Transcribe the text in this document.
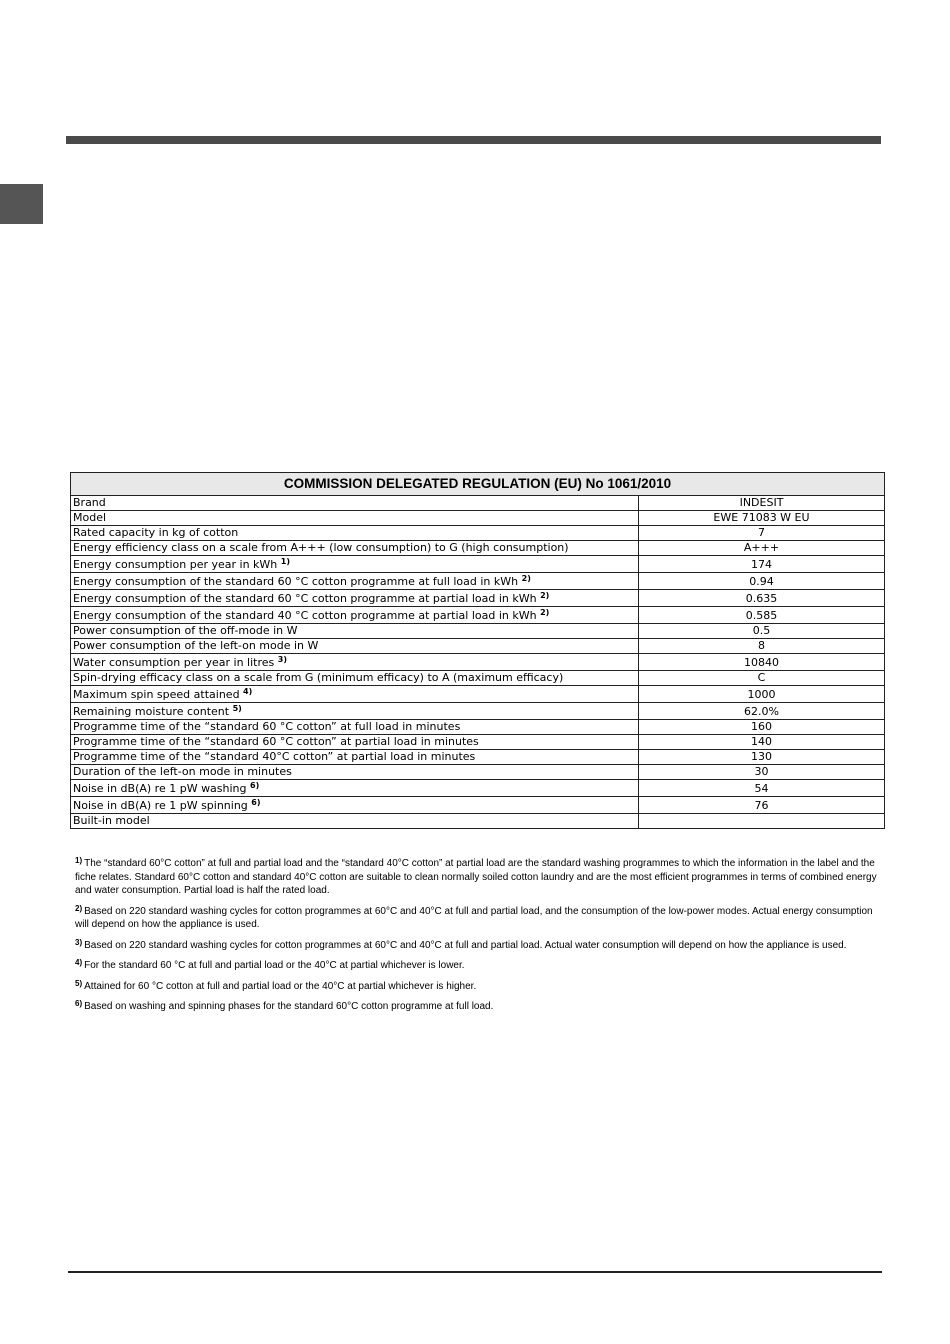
COMMISSION DELEGATED REGULATION (EU) No 1061/2010	
Brand	INDESIT
Model	EWE 71083 W EU
Rated capacity in kg of cotton	7
Energy efficiency class on a scale from A+++ (low consumption) to G (high consumption)	A+++
Energy consumption per year in kWh $^{1)}$	174
Energy consumption of the standard 60 °C cotton programme at full load in kWh $^{2)}$	0.94
Energy consumption of the standard 60 °C cotton programme at partial load in kWh $^{2)}$	0.635
Energy consumption of the standard 40 °C cotton programme at partial load in kWh $^{2)}$	0.585
Power consumption of the off-mode in W	0.5
Power consumption of the left-on mode in W	8
Water consumption per year in litres $^{3)}$	10840
Spin-drying efficacy class on a scale from G (minimum efficacy) to A (maximum efficacy)	C
Maximum spin speed attained $^{4)}$	1000
Remaining moisture content $^{5)}$	62.0%
Programme time of the “standard 60 °C cotton” at full load in minutes	160
Programme time of the “standard 60 °C cotton” at partial load in minutes	140
Programme time of the “standard 40°C cotton” at partial load in minutes	130
Duration of the left-on mode in minutes	30
Noise in dB(A) re 1 pW washing $^{6)}$	54
Noise in dB(A) re 1 pW spinning $^{6)}$	76
Built-in model	
$^{1)}$ The “standard 60°C cotton” at full and partial load and the “standard 40°C cotton” at partial load are the standard washing programmes to which the information in the label and the fiche relates. Standard 60°C cotton and standard 40°C cotton are suitable to clean normally soiled cotton laundry and are the most efficient programmes in terms of combined energy and water consumption. Partial load is half the rated load.
$^{2)}$ Based on 220 standard washing cycles for cotton programmes at 60°C and 40°C at full and partial load, and the consumption of the low-power modes. Actual energy consumption will depend on how the appliance is used.
$^{3)}$ Based on 220 standard washing cycles for cotton programmes at 60°C and 40°C at full and partial load. Actual water consumption will depend on how the appliance is used.
$^{4)}$ For the standard 60 °C at full and partial load or the 40°C at partial whichever is lower.
$^{5)}$ Attained for 60 °C cotton at full and partial load or the 40°C at partial whichever is higher.
$^{6)}$ Based on washing and spinning phases for the standard 60°C cotton programme at full load.
